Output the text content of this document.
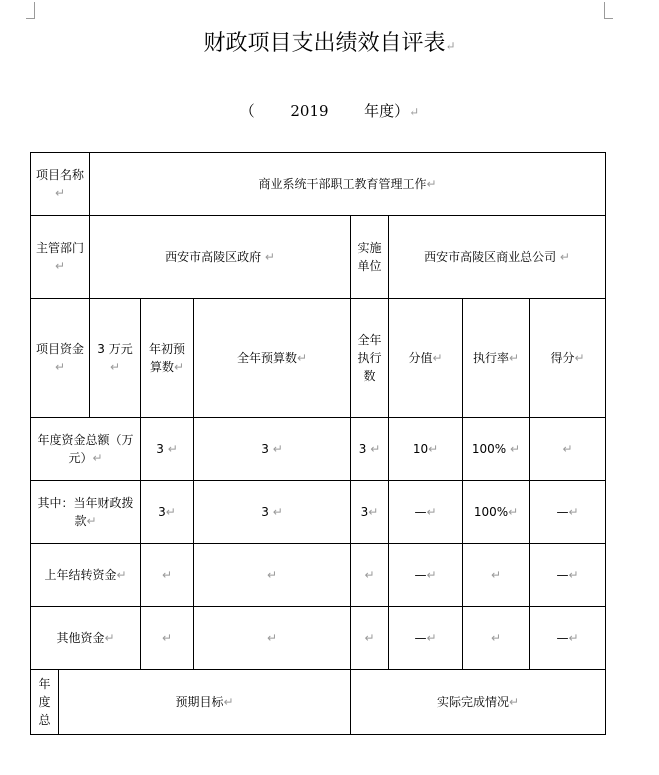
财政项目支出绩效自评表↵
（ 2019 年度）↵
项目名称↵		商业系统干部职工教育管理工作↵						
主管部门↵		西安市高陵区政府 ↵			实施单位	西安市高陵区商业总公司 ↵		
项目资金↵		3 万元↵	年初预算数↵	全年预算数↵	全年执行数	分值↵	执行率↵	得分↵
年度资金总额（万元）↵			3 ↵	3 ↵	3 ↵	10↵	100% ↵	↵
其中：当年财政拨款↵			3↵	3 ↵	3↵	—↵	100%↵	—↵
上年结转资金↵			↵	↵	↵	—↵	↵	—↵
其他资金↵			↵	↵	↵	—↵	↵	—↵
年度总	预期目标↵				实际完成情况↵			
